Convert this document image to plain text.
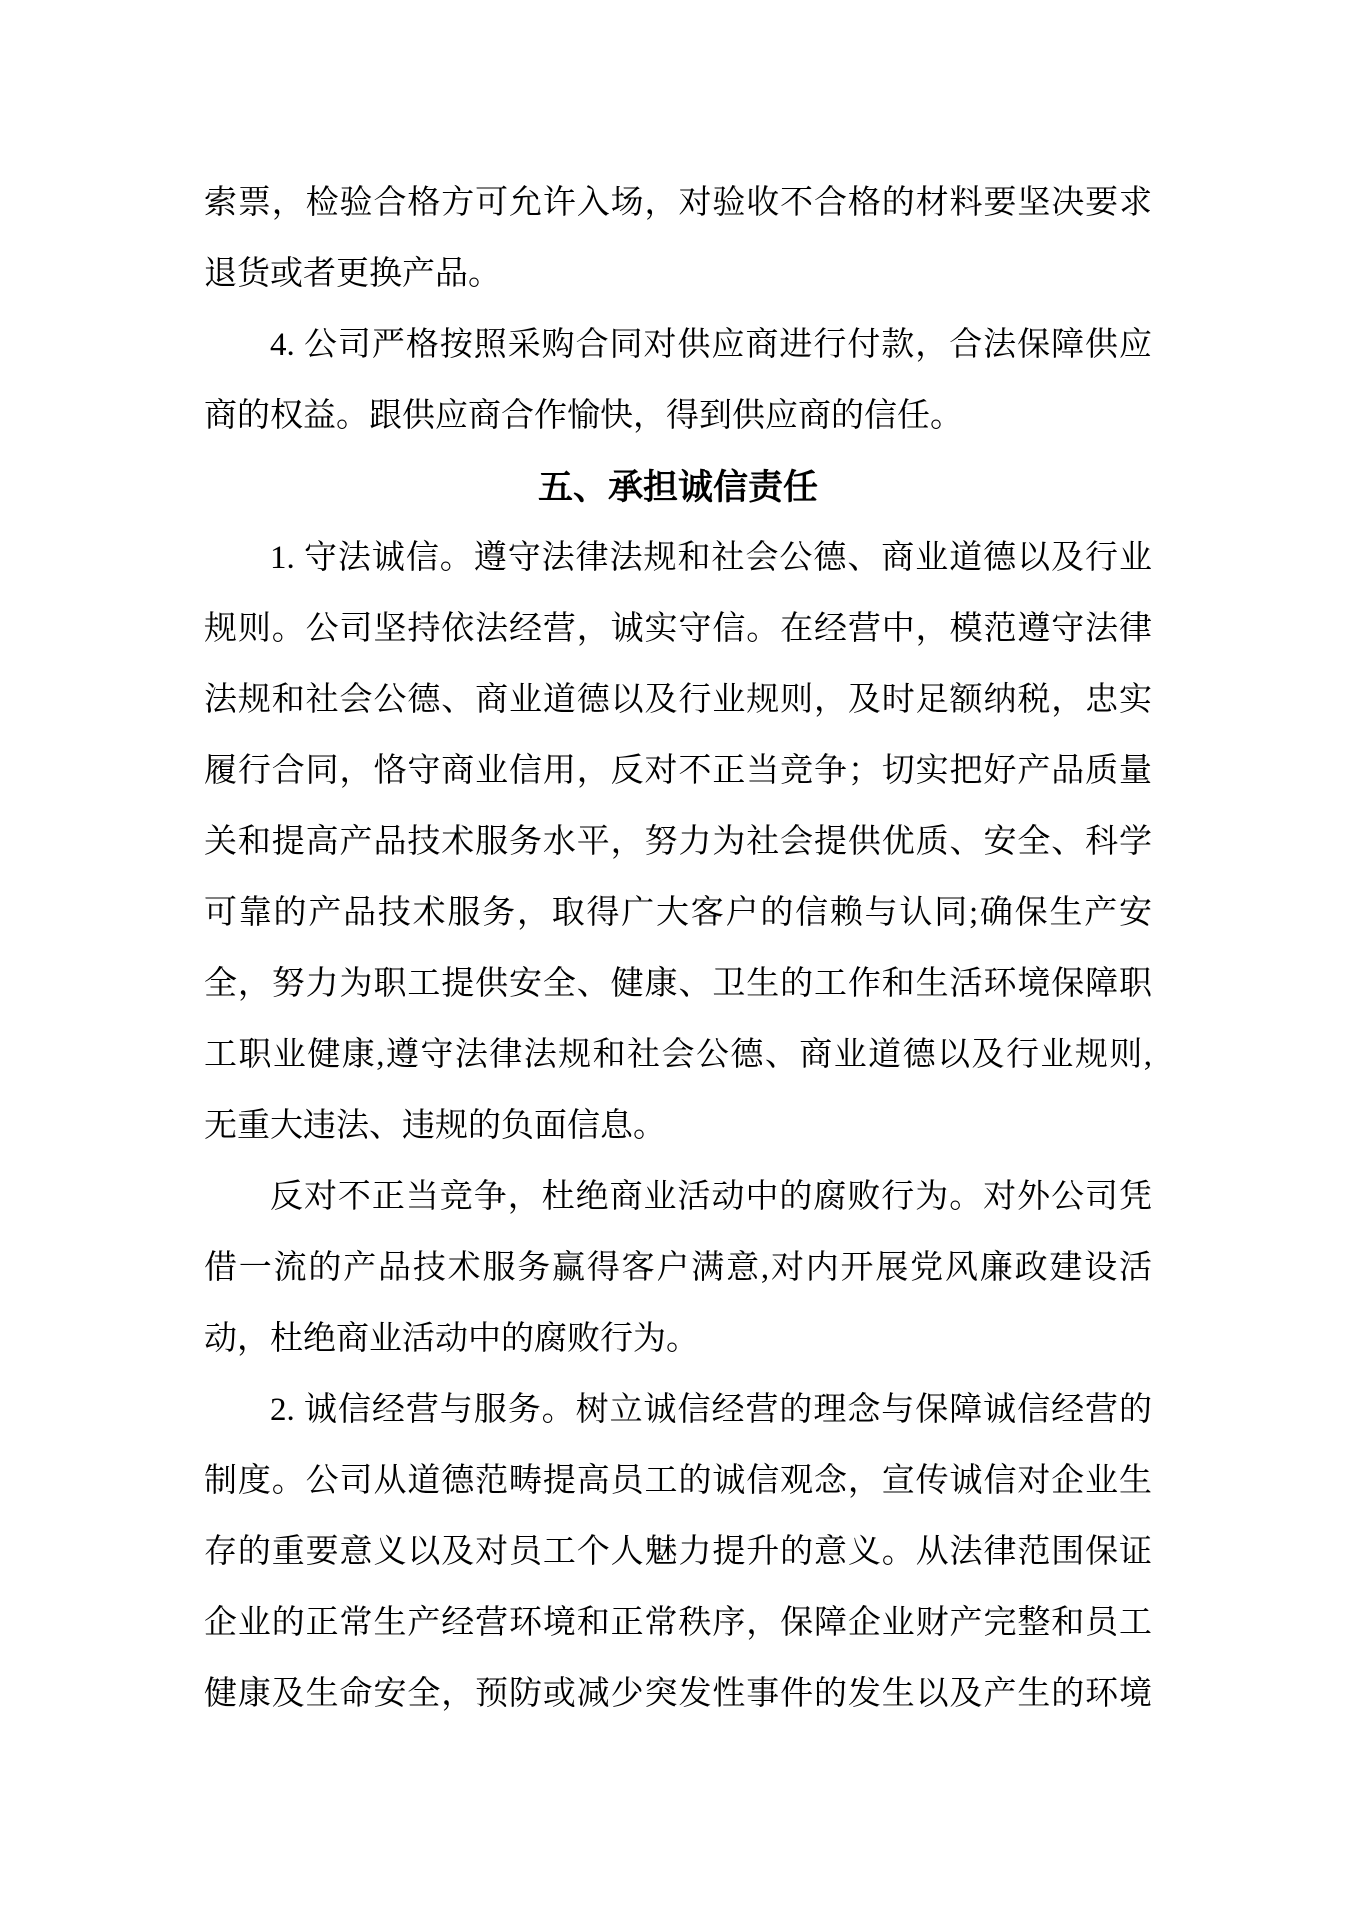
索票，检验合格方可允许入场，对验收不合格的材料要坚决要求

退货或者更换产品。

4. 公司严格按照采购合同对供应商进行付款，合法保障供应

商的权益。跟供应商合作愉快，得到供应商的信任。

五、承担诚信责任

1. 守法诚信。遵守法律法规和社会公德、商业道德以及行业

规则。公司坚持依法经营，诚实守信。在经营中，模范遵守法律

法规和社会公德、商业道德以及行业规则，及时足额纳税，忠实

履行合同，恪守商业信用，反对不正当竞争；切实把好产品质量

关和提高产品技术服务水平，努力为社会提供优质、安全、科学

可靠的产品技术服务，取得广大客户的信赖与认同;确保生产安

全，努力为职工提供安全、健康、卫生的工作和生活环境保障职

工职业健康,遵守法律法规和社会公德、商业道德以及行业规则,

无重大违法、违规的负面信息。

反对不正当竞争，杜绝商业活动中的腐败行为。对外公司凭

借一流的产品技术服务赢得客户满意,对内开展党风廉政建设活

动，杜绝商业活动中的腐败行为。

2. 诚信经营与服务。树立诚信经营的理念与保障诚信经营的

制度。公司从道德范畴提高员工的诚信观念，宣传诚信对企业生

存的重要意义以及对员工个人魅力提升的意义。从法律范围保证

企业的正常生产经营环境和正常秩序，保障企业财产完整和员工

健康及生命安全，预防或减少突发性事件的发生以及产生的环境
